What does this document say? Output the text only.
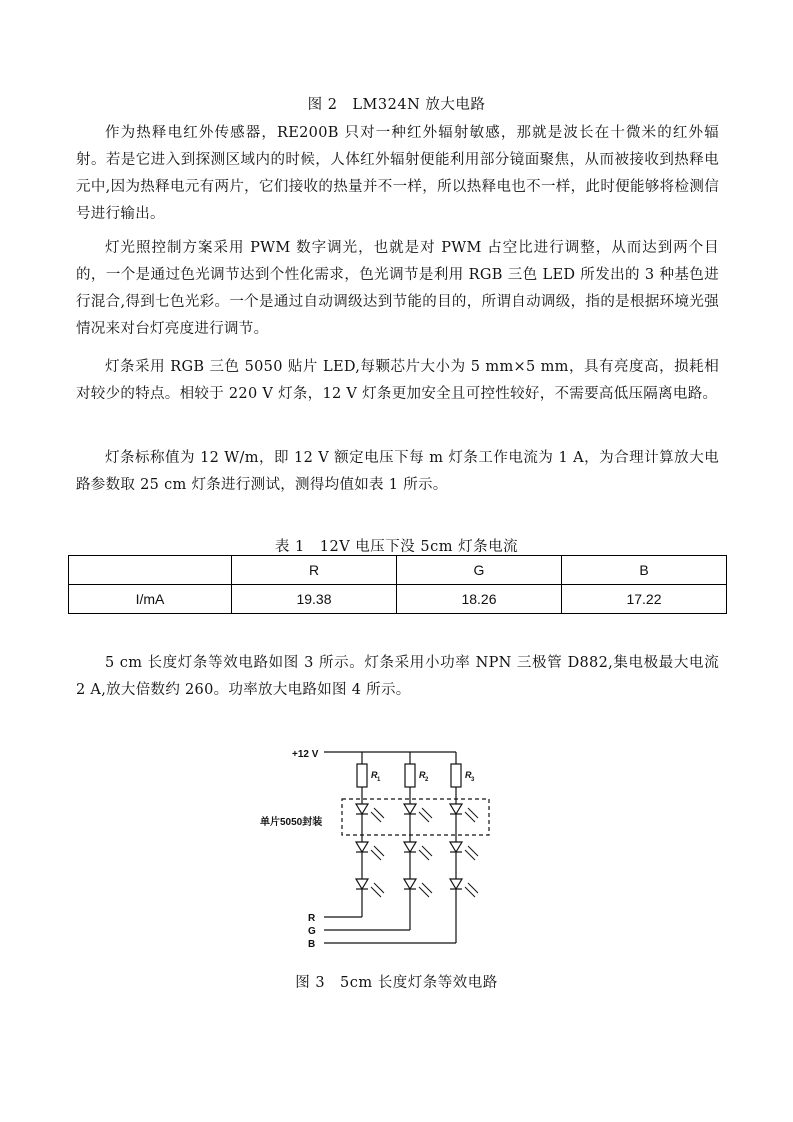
图 2　LM324N 放大电路

作为热释电红外传感器，RE200B 只对一种红外辐射敏感，那就是波长在十微米的红外辐射。若是它进入到探测区域内的时候，人体红外辐射便能利用部分镜面聚焦，从而被接收到热释电元中,因为热释电元有两片，它们接收的热量并不一样，所以热释电也不一样，此时便能够将检测信号进行输出。

灯光照控制方案采用 PWM 数字调光，也就是对 PWM 占空比进行调整，从而达到两个目的，一个是通过色光调节达到个性化需求，色光调节是利用 RGB 三色 LED 所发出的 3 种基色进行混合,得到七色光彩。一个是通过自动调级达到节能的目的，所谓自动调级，指的是根据环境光强情况来对台灯亮度进行调节。

灯条采用 RGB 三色 5050 贴片 LED,每颗芯片大小为 5 mm×5 mm，具有亮度高，损耗相对较少的特点。相较于 220 V 灯条，12 V 灯条更加安全且可控性较好，不需要高低压隔离电路。

灯条标称值为 12 W/m，即 12 V 额定电压下每 m 灯条工作电流为 1 A，为合理计算放大电路参数取 25 cm 灯条进行测试，测得均值如表 1 所示。

表 1　12V 电压下没 5cm 灯条电流
	R	G	B
I/mA	19.38	18.26	17.22

5 cm 长度灯条等效电路如图 3 所示。灯条采用小功率 NPN 三极管 D882,集电极最大电流 2 A,放大倍数约 260。功率放大电路如图 4 所示。

+12 V
R 1	R 2	R 3
单片5050封装
R
G
B
图 3　5cm 长度灯条等效电路
